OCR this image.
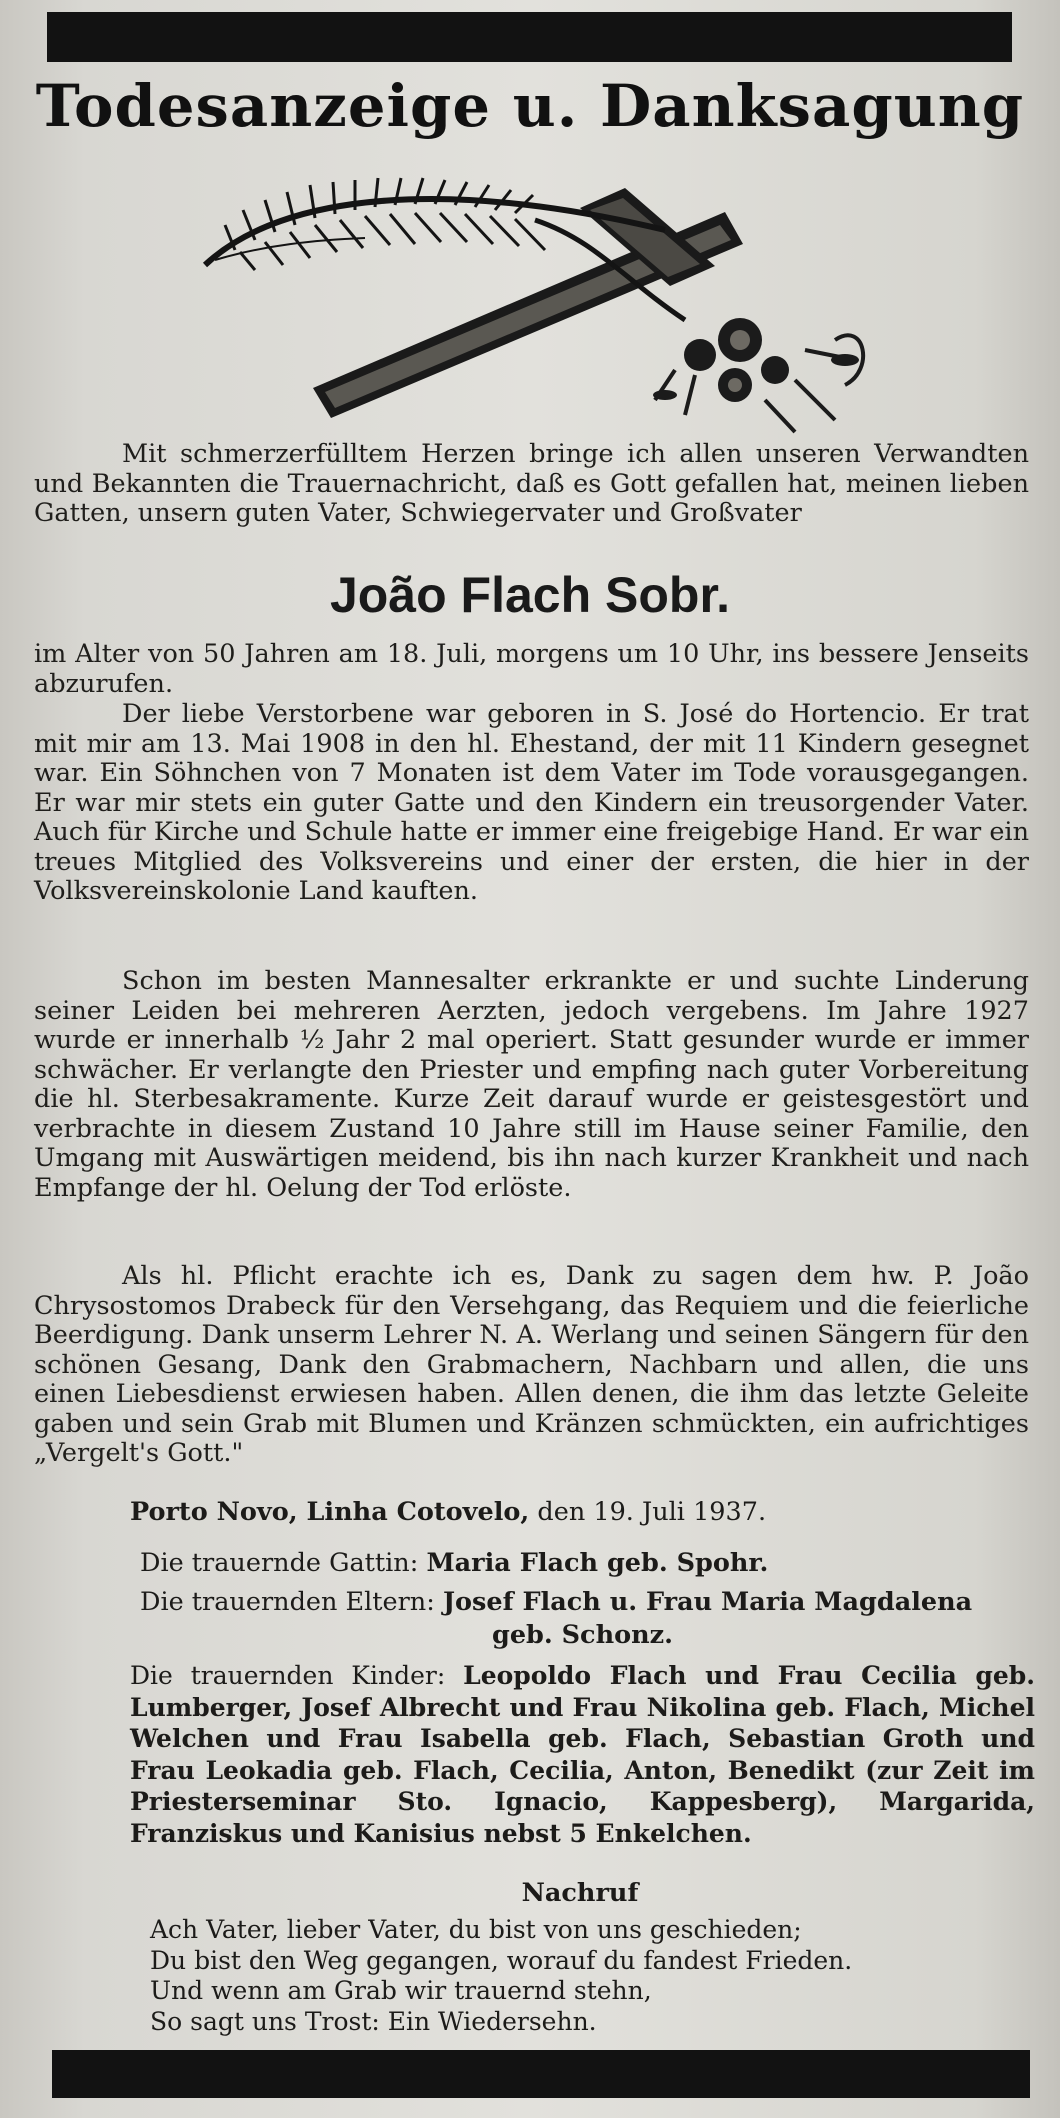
Todesanzeige u. Danksagung
Mit schmerzerfülltem Herzen bringe ich allen unseren Verwandten und Bekannten die Trauernachricht, daß es Gott gefallen hat, meinen lieben Gatten, unsern guten Vater, Schwiegervater und Großvater
João Flach Sobr.
im Alter von 50 Jahren am 18. Juli, morgens um 10 Uhr, ins bessere Jenseits abzurufen.
Der liebe Verstorbene war geboren in S. José do Hortencio. Er trat mit mir am 13. Mai 1908 in den hl. Ehestand, der mit 11 Kindern gesegnet war. Ein Söhnchen von 7 Monaten ist dem Vater im Tode vorausgegangen. Er war mir stets ein guter Gatte und den Kindern ein treusorgender Vater. Auch für Kirche und Schule hatte er immer eine freigebige Hand. Er war ein treues Mitglied des Volksvereins und einer der ersten, die hier in der Volksvereinskolonie Land kauften.
Schon im besten Mannesalter erkrankte er und suchte Linderung seiner Leiden bei mehreren Aerzten, jedoch vergebens. Im Jahre 1927 wurde er innerhalb ½ Jahr 2 mal operiert. Statt gesunder wurde er immer schwächer. Er verlangte den Priester und empfing nach guter Vorbereitung die hl. Sterbesakramente. Kurze Zeit darauf wurde er geistesgestört und verbrachte in diesem Zustand 10 Jahre still im Hause seiner Familie, den Umgang mit Auswärtigen meidend, bis ihn nach kurzer Krankheit und nach Empfange der hl. Oelung der Tod erlöste.
Als hl. Pflicht erachte ich es, Dank zu sagen dem hw. P. João Chrysostomos Drabeck für den Versehgang, das Requiem und die feierliche Beerdigung. Dank unserm Lehrer N. A. Werlang und seinen Sängern für den schönen Gesang, Dank den Grabmachern, Nachbarn und allen, die uns einen Liebesdienst erwiesen haben. Allen denen, die ihm das letzte Geleite gaben und sein Grab mit Blumen und Kränzen schmückten, ein aufrichtiges „Vergelt's Gott."
Porto Novo, Linha Cotovelo, den 19. Juli 1937.
Die trauernde Gattin: Maria Flach geb. Spohr.
Die trauernden Eltern: Josef Flach u. Frau Maria Magdalena
geb. Schonz.
Die trauernden Kinder: Leopoldo Flach und Frau Cecilia geb. Lumberger, Josef Albrecht und Frau Nikolina geb. Flach, Michel Welchen und Frau Isabella geb. Flach, Sebastian Groth und Frau Leokadia geb. Flach, Cecilia, Anton, Benedikt (zur Zeit im Priesterseminar Sto. Ignacio, Kappesberg), Margarida, Franziskus und Kanisius nebst 5 Enkelchen.
Nachruf
Ach Vater, lieber Vater, du bist von uns geschieden;
Du bist den Weg gegangen, worauf du fandest Frieden.
Und wenn am Grab wir trauernd stehn,
So sagt uns Trost: Ein Wiedersehn.
